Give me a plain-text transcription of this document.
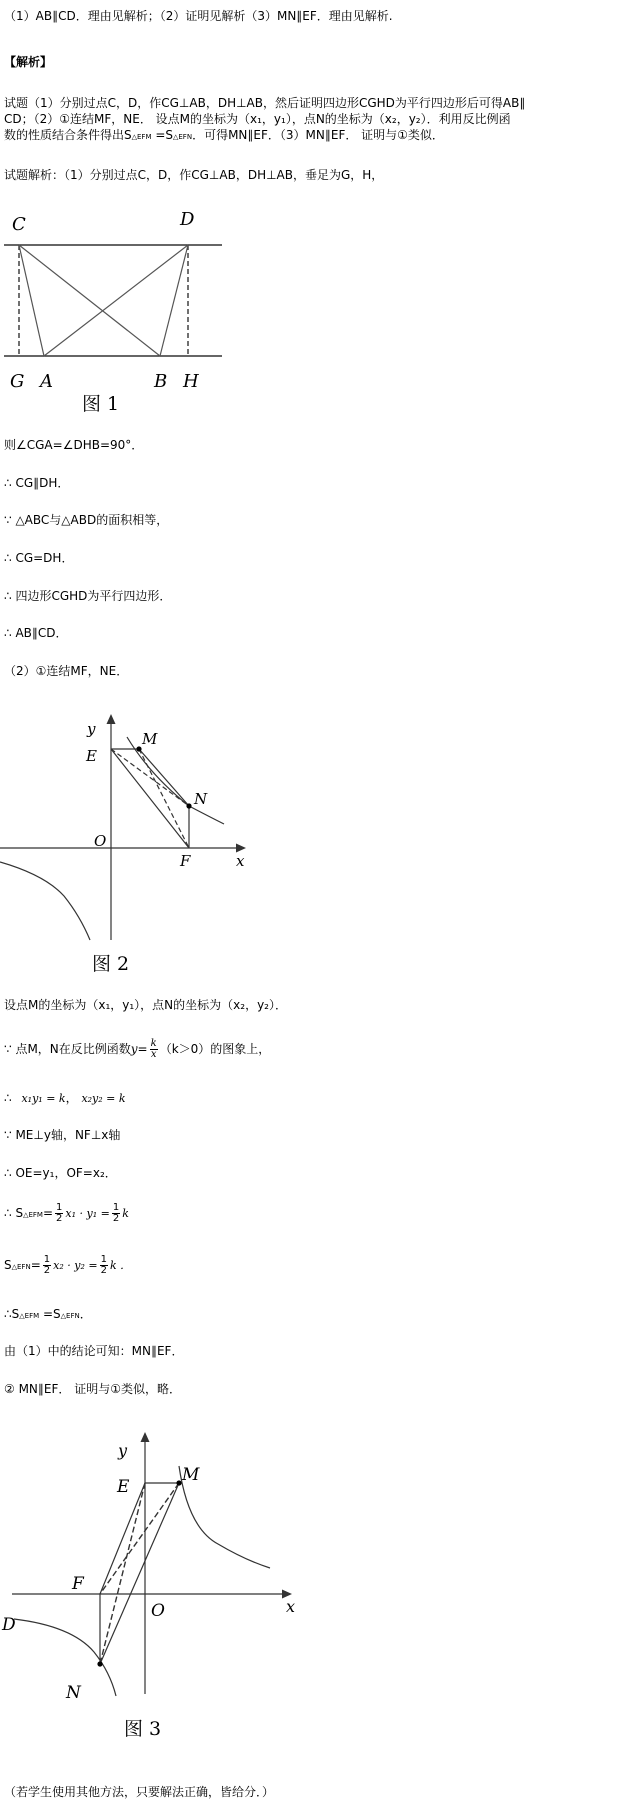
（1）AB∥CD．理由见解析；（2）证明见解析（3）MN∥EF．理由见解析.
【解析】
试题（1）分别过点C，D，作CG⊥AB，DH⊥AB，然后证明四边形CGHD为平行四边形后可得AB∥
CD；（2）①连结MF，NE． 设点M的坐标为（x₁，y₁），点N的坐标为（x₂，y₂）．利用反比例函
数的性质结合条件得出S△EFM =S△EFN．可得MN∥EF．（3）MN∥EF． 证明与①类似．
试题解析：（1）分别过点C，D，作CG⊥AB，DH⊥AB，垂足为G，H，
C	D
G A	B H
图 1
则∠CGA=∠DHB=90°．
∴ CG∥DH．
∵ △ABC与△ABD的面积相等，
∴ CG=DH．
∴ 四边形CGHD为平行四边形．
∴ AB∥CD．
（2）①连结MF，NE．
y
x
M
E
N
O
F
图 2
设点M的坐标为（x₁，y₁），点N的坐标为（x₂，y₂）．
∵ 点M，N在反比例函数$y= \frac{k}{x} (k>0)$的图象上，
∴ x₁y₁ = k， x₂y₂ = k
∵ ME⊥y轴，NF⊥x轴
∴ OE=y₁，OF=x₂．
∴ S△EFM= $\frac{1}{2} x_1 \cdot y_1 = \frac{1}{2}$ k
S△EFN= $\frac{1}{2} x_2 \cdot y_2 = \frac{1}{2}$ k ．
∴S△EFM =S△EFN．
由（1）中的结论可知：MN∥EF．
② MN∥EF． 证明与①类似，略．
y
E
M
F
O	x
D
N
图 3
（若学生使用其他方法，只要解法正确，皆给分．）
